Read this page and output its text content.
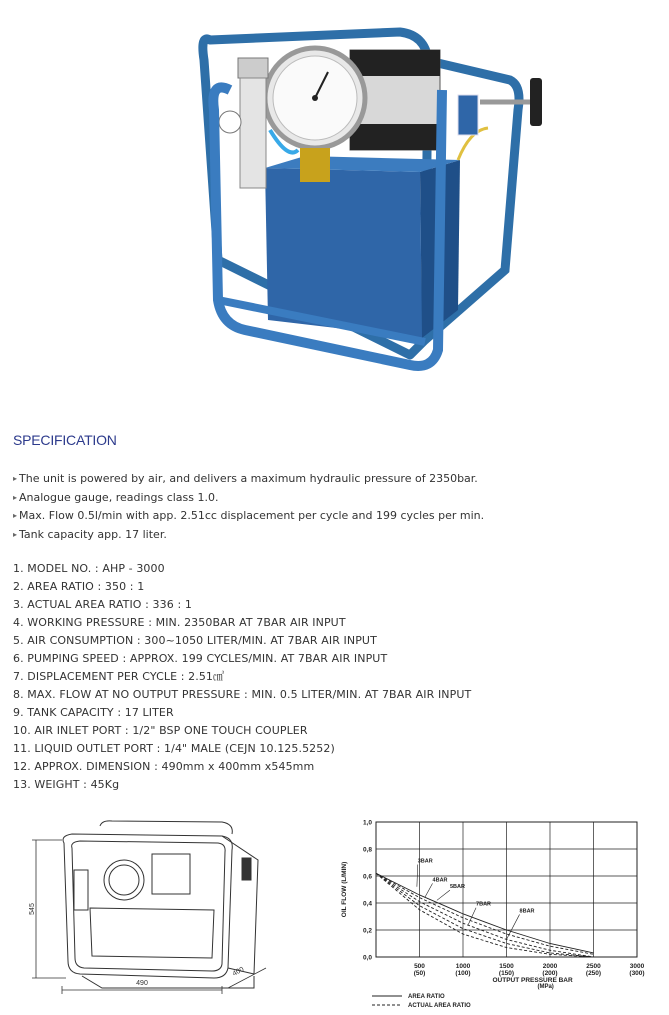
SPECIFICATION
▸ The unit is powered by air, and delivers a maximum hydraulic pressure of 2350bar.
▸ Analogue gauge, readings class 1.0.
▸ Max. Flow 0.5l/min with app. 2.51cc displacement per cycle and 199 cycles per min.
▸ Tank capacity app. 17 liter.
1. MODEL NO. : AHP - 3000
2. AREA RATIO : 350 : 1
3. ACTUAL AREA RATIO : 336 : 1
4. WORKING PRESSURE : MIN. 2350BAR AT 7BAR AIR INPUT
5. AIR CONSUMPTION : 300~1050 LITER/MIN. AT 7BAR AIR INPUT
6. PUMPING SPEED : APPROX. 199 CYCLES/MIN. AT 7BAR AIR INPUT
7. DISPLACEMENT PER CYCLE : 2.51㎤
8. MAX. FLOW AT NO OUTPUT PRESSURE : MIN. 0.5 LITER/MIN. AT 7BAR AIR INPUT
9. TANK CAPACITY : 17 LITER
10. AIR INLET PORT : 1/2" BSP ONE TOUCH COUPLER
11. LIQUID OUTLET PORT : 1/4" MALE (CEJN 10.125.5252)
12. APPROX. DIMENSION : 490mm x 400mm x545mm
13. WEIGHT : 45Kg
545
490
400
0,0
0,2
0,4
0,6
0,8
1,0
500
(50)
1000
(100)
1500
(150)
2000
(200)
2500
(250)
3000
(300)
3BAR
4BAR
5BAR
7BAR
8BAR
OIL FLOW (L/MIN)
OUTPUT PRESSURE BAR
(MPa)
AREA RATIO
ACTUAL AREA RATIO
